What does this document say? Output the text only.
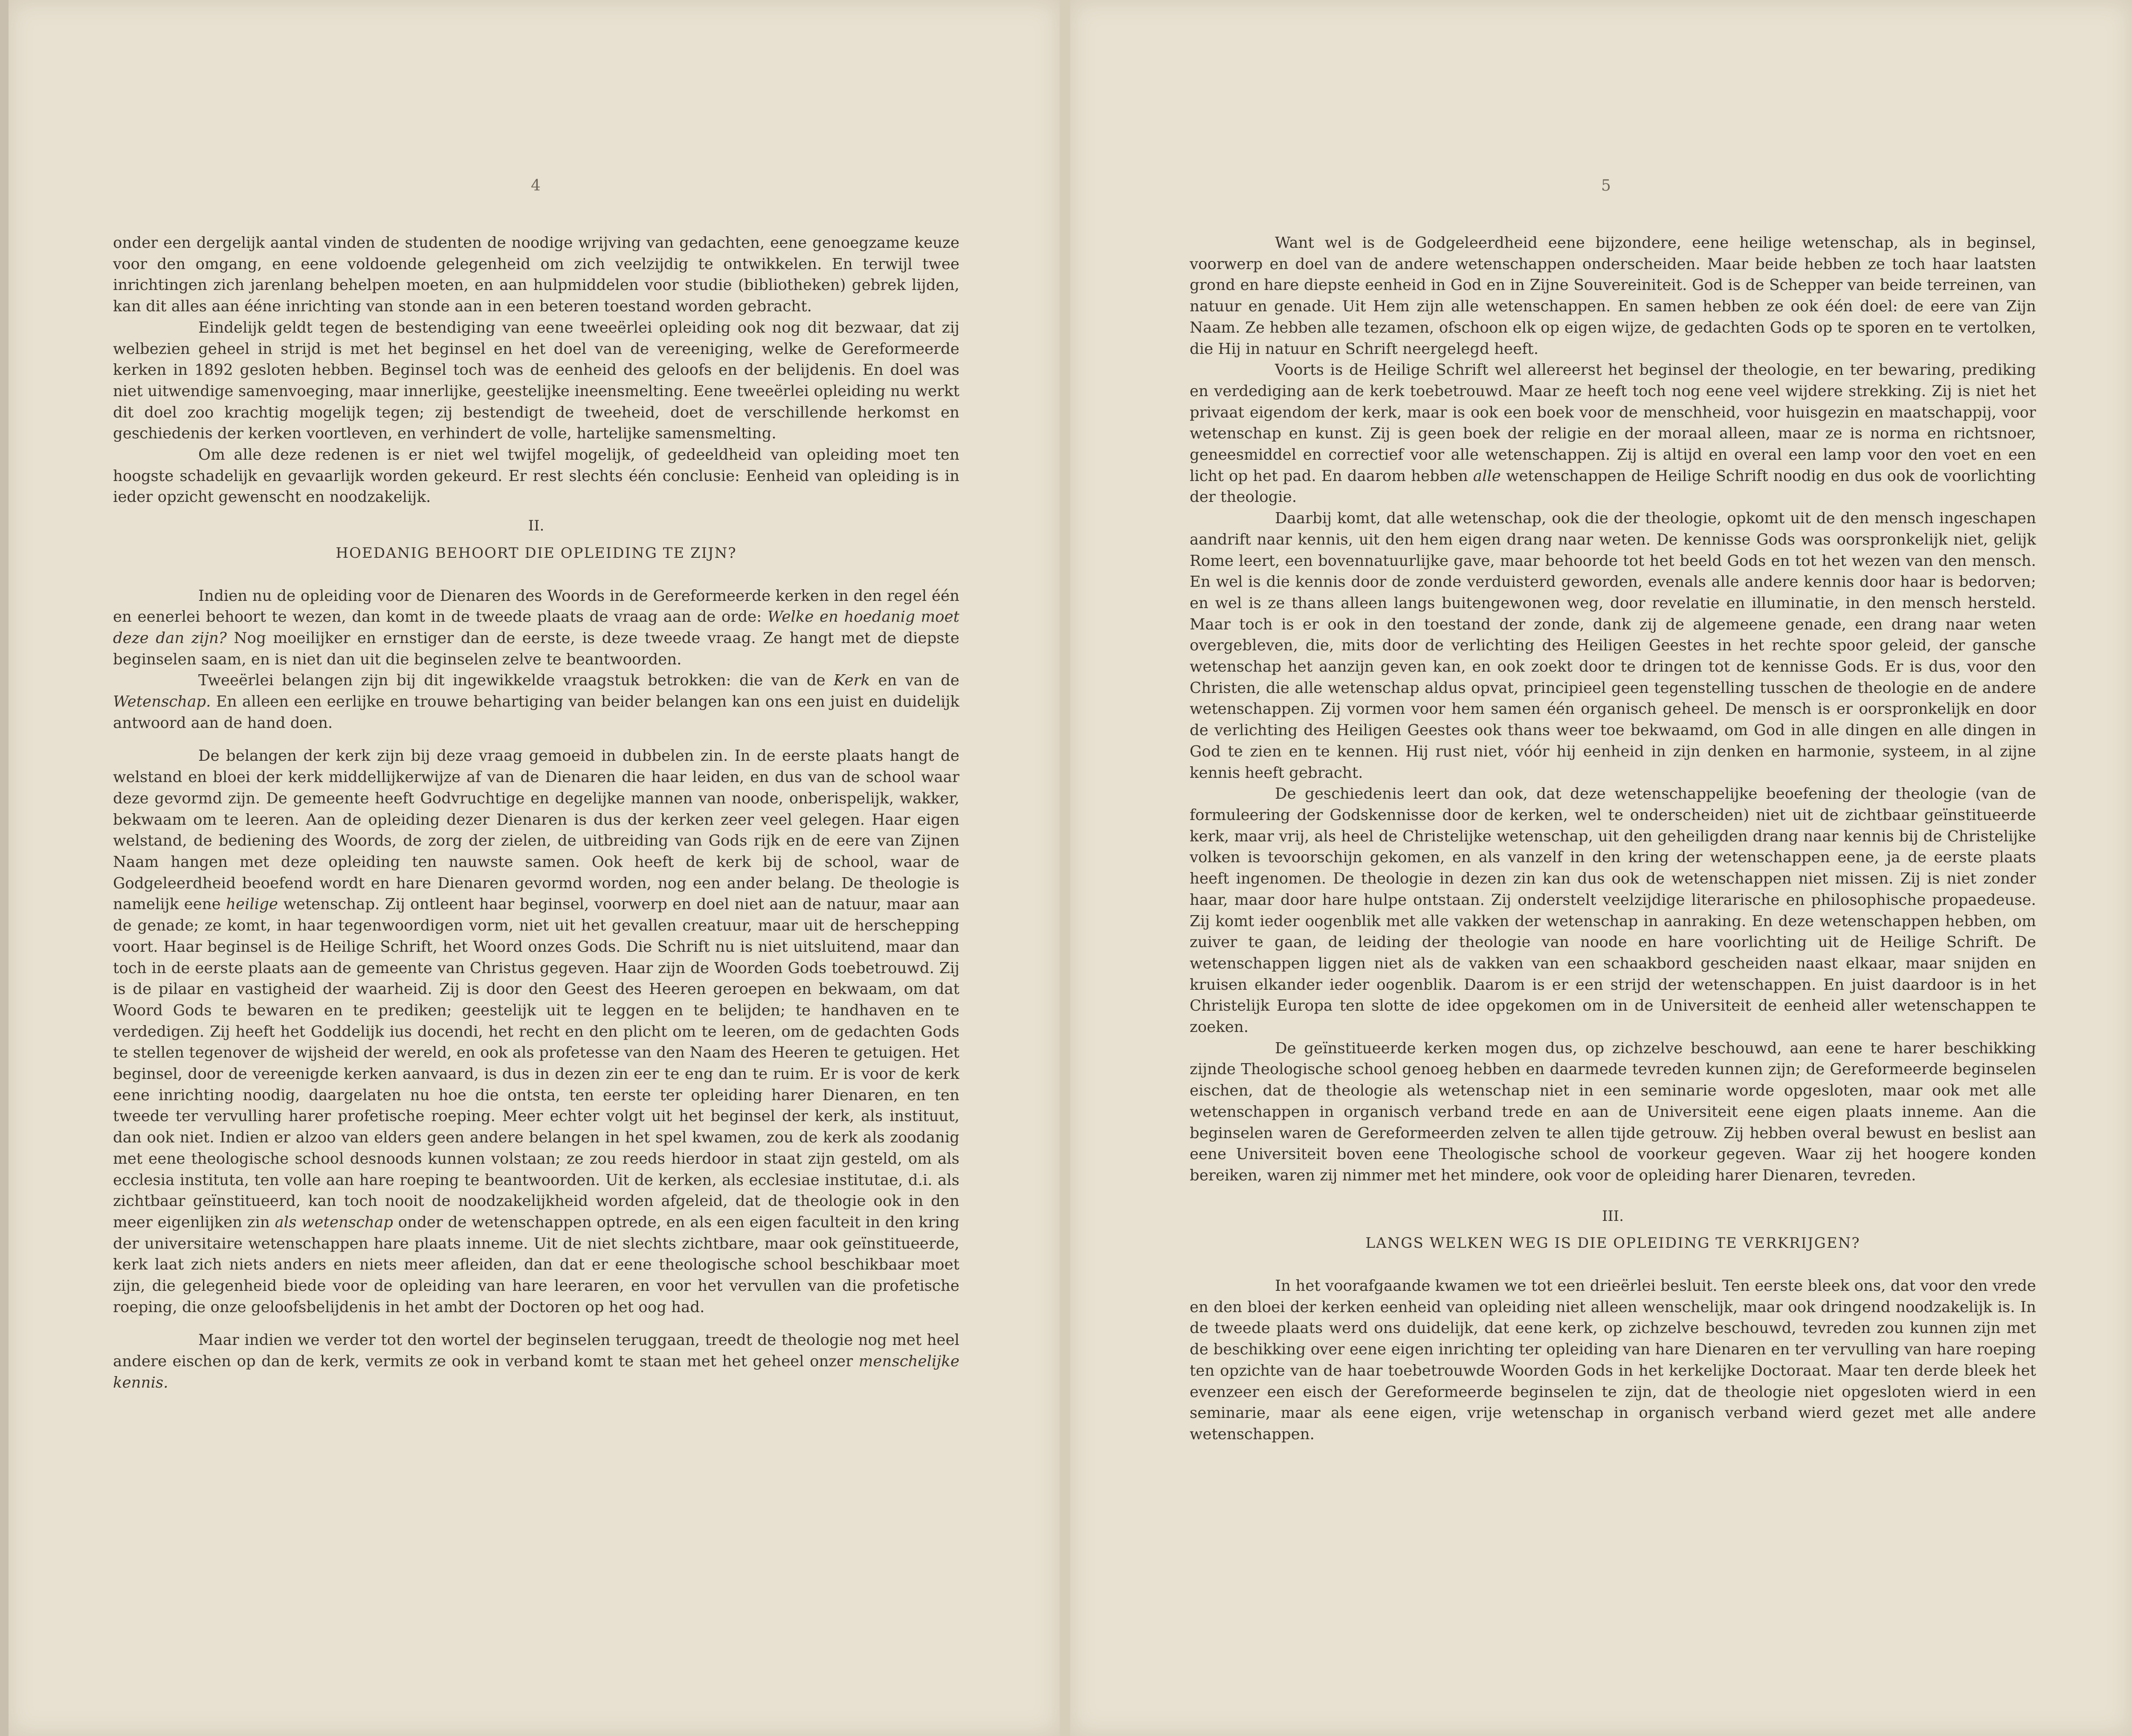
4

onder een dergelijk aantal vinden de studenten de noodige wrijving van gedachten, eene genoegzame keuze voor den omgang, en eene voldoende gelegenheid om zich veelzijdig te ontwikkelen. En terwijl twee inrichtingen zich jarenlang behelpen moeten, en aan hulpmiddelen voor studie (bibliotheken) gebrek lijden, kan dit alles aan ééne inrichting van stonde aan in een beteren toestand worden gebracht.

Eindelijk geldt tegen de bestendiging van eene tweeërlei opleiding ook nog dit bezwaar, dat zij welbezien geheel in strijd is met het beginsel en het doel van de vereeniging, welke de Gereformeerde kerken in 1892 gesloten hebben. Beginsel toch was de eenheid des geloofs en der belijdenis. En doel was niet uitwendige samenvoeging, maar innerlijke, geestelijke ineensmelting. Eene tweeërlei opleiding nu werkt dit doel zoo krachtig mogelijk tegen; zij bestendigt de tweeheid, doet de verschillende herkomst en geschiedenis der kerken voortleven, en verhindert de volle, hartelijke samensmelting.

Om alle deze redenen is er niet wel twijfel mogelijk, of gedeeldheid van opleiding moet ten hoogste schadelijk en gevaarlijk worden gekeurd. Er rest slechts één conclusie: Eenheid van opleiding is in ieder opzicht gewenscht en noodzakelijk.

II.
HOEDANIG BEHOORT DIE OPLEIDING TE ZIJN?

Indien nu de opleiding voor de Dienaren des Woords in de Gereformeerde kerken in den regel één en eenerlei behoort te wezen, dan komt in de tweede plaats de vraag aan de orde: Welke en hoedanig moet deze dan zijn? Nog moeilijker en ernstiger dan de eerste, is deze tweede vraag. Ze hangt met de diepste beginselen saam, en is niet dan uit die beginselen zelve te beantwoorden.

Tweeërlei belangen zijn bij dit ingewikkelde vraagstuk betrokken: die van de Kerk en van de Wetenschap. En alleen een eerlijke en trouwe behartiging van beider belangen kan ons een juist en duidelijk antwoord aan de hand doen.

De belangen der kerk zijn bij deze vraag gemoeid in dubbelen zin. In de eerste plaats hangt de welstand en bloei der kerk middellijkerwijze af van de Dienaren die haar leiden, en dus van de school waar deze gevormd zijn. De gemeente heeft Godvruchtige en degelijke mannen van noode, onberispelijk, wakker, bekwaam om te leeren. Aan de opleiding dezer Dienaren is dus der kerken zeer veel gelegen. Haar eigen welstand, de bediening des Woords, de zorg der zielen, de uitbreiding van Gods rijk en de eere van Zijnen Naam hangen met deze opleiding ten nauwste samen. Ook heeft de kerk bij de school, waar de Godgeleerdheid beoefend wordt en hare Dienaren gevormd worden, nog een ander belang. De theologie is namelijk eene heilige wetenschap. Zij ontleent haar beginsel, voorwerp en doel niet aan de natuur, maar aan de genade; ze komt, in haar tegenwoordigen vorm, niet uit het gevallen creatuur, maar uit de herschepping voort. Haar beginsel is de Heilige Schrift, het Woord onzes Gods. Die Schrift nu is niet uitsluitend, maar dan toch in de eerste plaats aan de gemeente van Christus gegeven. Haar zijn de Woorden Gods toebetrouwd. Zij is de pilaar en vastigheid der waarheid. Zij is door den Geest des Heeren geroepen en bekwaam, om dat Woord Gods te bewaren en te prediken; geestelijk uit te leggen en te belijden; te handhaven en te verdedigen. Zij heeft het Goddelijk ius docendi, het recht en den plicht om te leeren, om de gedachten Gods te stellen tegenover de wijsheid der wereld, en ook als profetesse van den Naam des Heeren te getuigen. Het beginsel, door de vereenigde kerken aanvaard, is dus in dezen zin eer te eng dan te ruim. Er is voor de kerk eene inrichting noodig, daargelaten nu hoe die ontsta, ten eerste ter opleiding harer Dienaren, en ten tweede ter vervulling harer profetische roeping. Meer echter volgt uit het beginsel der kerk, als instituut, dan ook niet. Indien er alzoo van elders geen andere belangen in het spel kwamen, zou de kerk als zoodanig met eene theologische school desnoods kunnen volstaan; ze zou reeds hierdoor in staat zijn gesteld, om als ecclesia instituta, ten volle aan hare roeping te beantwoorden. Uit de kerken, als ecclesiae institutae, d.i. als zichtbaar geïnstitueerd, kan toch nooit de noodzakelijkheid worden afgeleid, dat de theologie ook in den meer eigenlijken zin als wetenschap onder de wetenschappen optrede, en als een eigen faculteit in den kring der universitaire wetenschappen hare plaats inneme. Uit de niet slechts zichtbare, maar ook geïnstitueerde, kerk laat zich niets anders en niets meer afleiden, dan dat er eene theologische school beschikbaar moet zijn, die gelegenheid biede voor de opleiding van hare leeraren, en voor het vervullen van die profetische roeping, die onze geloofsbelijdenis in het ambt der Doctoren op het oog had.

Maar indien we verder tot den wortel der beginselen teruggaan, treedt de theologie nog met heel andere eischen op dan de kerk, vermits ze ook in verband komt te staan met het geheel onzer menschelijke kennis.

5

Want wel is de Godgeleerdheid eene bijzondere, eene heilige wetenschap, als in beginsel, voorwerp en doel van de andere wetenschappen onderscheiden. Maar beide hebben ze toch haar laatsten grond en hare diepste eenheid in God en in Zijne Souvereiniteit. God is de Schepper van beide terreinen, van natuur en genade. Uit Hem zijn alle wetenschappen. En samen hebben ze ook één doel: de eere van Zijn Naam. Ze hebben alle tezamen, ofschoon elk op eigen wijze, de gedachten Gods op te sporen en te vertolken, die Hij in natuur en Schrift neergelegd heeft.

Voorts is de Heilige Schrift wel allereerst het beginsel der theologie, en ter bewaring, prediking en verdediging aan de kerk toebetrouwd. Maar ze heeft toch nog eene veel wijdere strekking. Zij is niet het privaat eigendom der kerk, maar is ook een boek voor de menschheid, voor huisgezin en maatschappij, voor wetenschap en kunst. Zij is geen boek der religie en der moraal alleen, maar ze is norma en richtsnoer, geneesmiddel en correctief voor alle wetenschappen. Zij is altijd en overal een lamp voor den voet en een licht op het pad. En daarom hebben alle wetenschappen de Heilige Schrift noodig en dus ook de voorlichting der theologie.

Daarbij komt, dat alle wetenschap, ook die der theologie, opkomt uit de den mensch ingeschapen aandrift naar kennis, uit den hem eigen drang naar weten. De kennisse Gods was oorspronkelijk niet, gelijk Rome leert, een bovennatuurlijke gave, maar behoorde tot het beeld Gods en tot het wezen van den mensch. En wel is die kennis door de zonde verduisterd geworden, evenals alle andere kennis door haar is bedorven; en wel is ze thans alleen langs buitengewonen weg, door revelatie en illuminatie, in den mensch hersteld. Maar toch is er ook in den toestand der zonde, dank zij de algemeene genade, een drang naar weten overgebleven, die, mits door de verlichting des Heiligen Geestes in het rechte spoor geleid, der gansche wetenschap het aanzijn geven kan, en ook zoekt door te dringen tot de kennisse Gods. Er is dus, voor den Christen, die alle wetenschap aldus opvat, principieel geen tegenstelling tusschen de theologie en de andere wetenschappen. Zij vormen voor hem samen één organisch geheel. De mensch is er oorspronkelijk en door de verlichting des Heiligen Geestes ook thans weer toe bekwaamd, om God in alle dingen en alle dingen in God te zien en te kennen. Hij rust niet, vóór hij eenheid in zijn denken en harmonie, systeem, in al zijne kennis heeft gebracht.

De geschiedenis leert dan ook, dat deze wetenschappelijke beoefening der theologie (van de formuleering der Godskennisse door de kerken, wel te onderscheiden) niet uit de zichtbaar geïnstitueerde kerk, maar vrij, als heel de Christelijke wetenschap, uit den geheiligden drang naar kennis bij de Christelijke volken is tevoorschijn gekomen, en als vanzelf in den kring der wetenschappen eene, ja de eerste plaats heeft ingenomen. De theologie in dezen zin kan dus ook de wetenschappen niet missen. Zij is niet zonder haar, maar door hare hulpe ontstaan. Zij onderstelt veelzijdige literarische en philosophische propaedeuse. Zij komt ieder oogenblik met alle vakken der wetenschap in aanraking. En deze wetenschappen hebben, om zuiver te gaan, de leiding der theologie van noode en hare voorlichting uit de Heilige Schrift. De wetenschappen liggen niet als de vakken van een schaakbord gescheiden naast elkaar, maar snijden en kruisen elkander ieder oogenblik. Daarom is er een strijd der wetenschappen. En juist daardoor is in het Christelijk Europa ten slotte de idee opgekomen om in de Universiteit de eenheid aller wetenschappen te zoeken.

De geïnstitueerde kerken mogen dus, op zichzelve beschouwd, aan eene te harer beschikking zijnde Theologische school genoeg hebben en daarmede tevreden kunnen zijn; de Gereformeerde beginselen eischen, dat de theologie als wetenschap niet in een seminarie worde opgesloten, maar ook met alle wetenschappen in organisch verband trede en aan de Universiteit eene eigen plaats inneme. Aan die beginselen waren de Gereformeerden zelven te allen tijde getrouw. Zij hebben overal bewust en beslist aan eene Universiteit boven eene Theologische school de voorkeur gegeven. Waar zij het hoogere konden bereiken, waren zij nimmer met het mindere, ook voor de opleiding harer Dienaren, tevreden.

III.
LANGS WELKEN WEG IS DIE OPLEIDING TE VERKRIJGEN?

In het voorafgaande kwamen we tot een drieërlei besluit. Ten eerste bleek ons, dat voor den vrede en den bloei der kerken eenheid van opleiding niet alleen wenschelijk, maar ook dringend noodzakelijk is. In de tweede plaats werd ons duidelijk, dat eene kerk, op zichzelve beschouwd, tevreden zou kunnen zijn met de beschikking over eene eigen inrichting ter opleiding van hare Dienaren en ter vervulling van hare roeping ten opzichte van de haar toebetrouwde Woorden Gods in het kerkelijke Doctoraat. Maar ten derde bleek het evenzeer een eisch der Gereformeerde beginselen te zijn, dat de theologie niet opgesloten wierd in een seminarie, maar als eene eigen, vrije wetenschap in organisch verband wierd gezet met alle andere wetenschappen.
